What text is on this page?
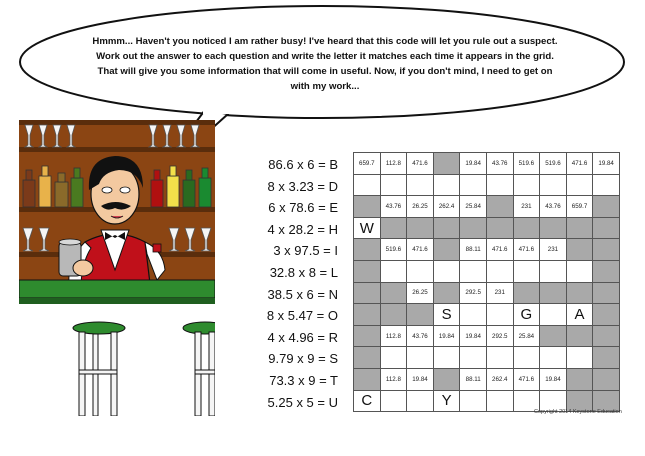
Hmmm... Haven't you noticed I am rather busy! I've heard that this code will let you rule out a suspect. Work out the answer to each question and write the letter it matches each time it appears in the grid. That will give you some information that will come in useful. Now, if you don't mind, I need to get on with my work...
86.6 x 6 = B
8 x 3.23 = D
6 x 78.6 = E
4 x 28.2 = H
3 x 97.5 = I
32.8 x 8 = L
38.5 x 6 = N
8 x 5.47 = O
4 x 4.96 = R
9.79 x 9 = S
73.3 x 9 = T
5.25 x 5 = U
659.7	112.8	471.6		19.84	43.76	519.6	519.6	471.6	19.84

	43.76	26.25	262.4	25.84		231	43.76	659.7	
W									
	519.6	471.6		88.11	471.6	471.6	231		

		26.25		292.5	231				
			S			G		A	
	112.8	43.76	19.84	19.84	292.5	25.84			

	112.8	19.84		88.11	262.4	471.6	19.84		
C			Y						
Copyright 2014 Keystone Education
